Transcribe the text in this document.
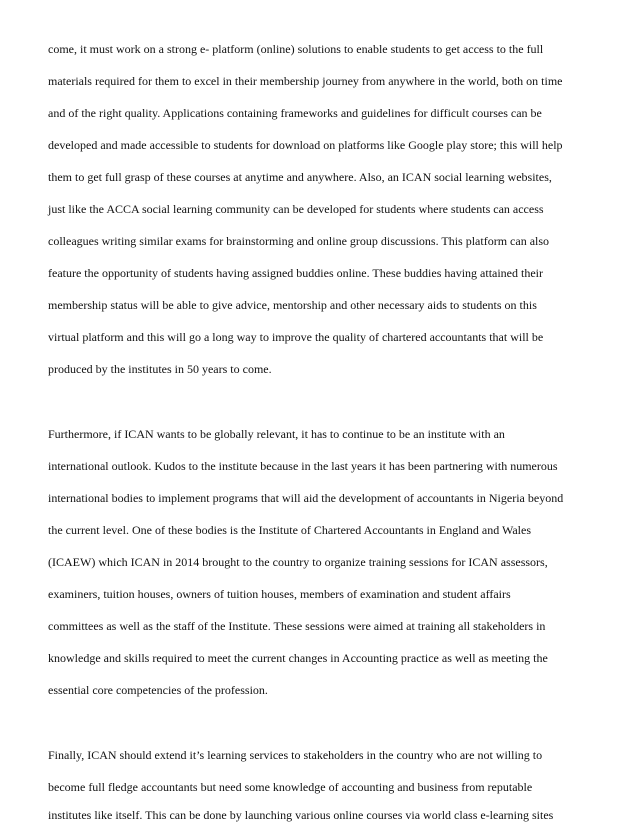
come, it must work on a strong e- platform (online) solutions to enable students to get access to the full

materials required for them to excel in their membership journey from anywhere in the world, both on time

and of the right quality. Applications containing frameworks and guidelines for difficult courses can be

developed and made accessible to students for download on platforms like Google play store; this will help

them to get full grasp of these courses at anytime and anywhere. Also, an ICAN social learning websites,

just like the ACCA social learning community can be developed for students where students can access

colleagues writing similar exams for brainstorming and online group discussions. This platform can also

feature the opportunity of students having assigned buddies online. These buddies having attained their

membership status will be able to give advice, mentorship and other necessary aids to students on this

virtual platform and this will go a long way to improve the quality of chartered accountants that will be

produced by the institutes in 50 years to come.

Furthermore, if ICAN wants to be globally relevant, it has to continue to be an institute with an

international outlook. Kudos to the institute because in the last years it has been partnering with numerous

international bodies to implement programs that will aid the development of accountants in Nigeria beyond

the current level. One of these bodies is the Institute of Chartered Accountants in England and Wales

(ICAEW) which ICAN in 2014 brought to the country to organize training sessions for ICAN assessors,

examiners, tuition houses, owners of tuition houses, members of examination and student affairs

committees as well as the staff of the Institute. These sessions were aimed at training all stakeholders in

knowledge and skills required to meet the current changes in Accounting practice as well as meeting the

essential core competencies of the profession.

Finally, ICAN should extend it’s learning services to stakeholders in the country who are not willing to

become full fledge accountants but need some knowledge of accounting and business from reputable

institutes like itself. This can be done by launching various online courses via world class e-learning sites
